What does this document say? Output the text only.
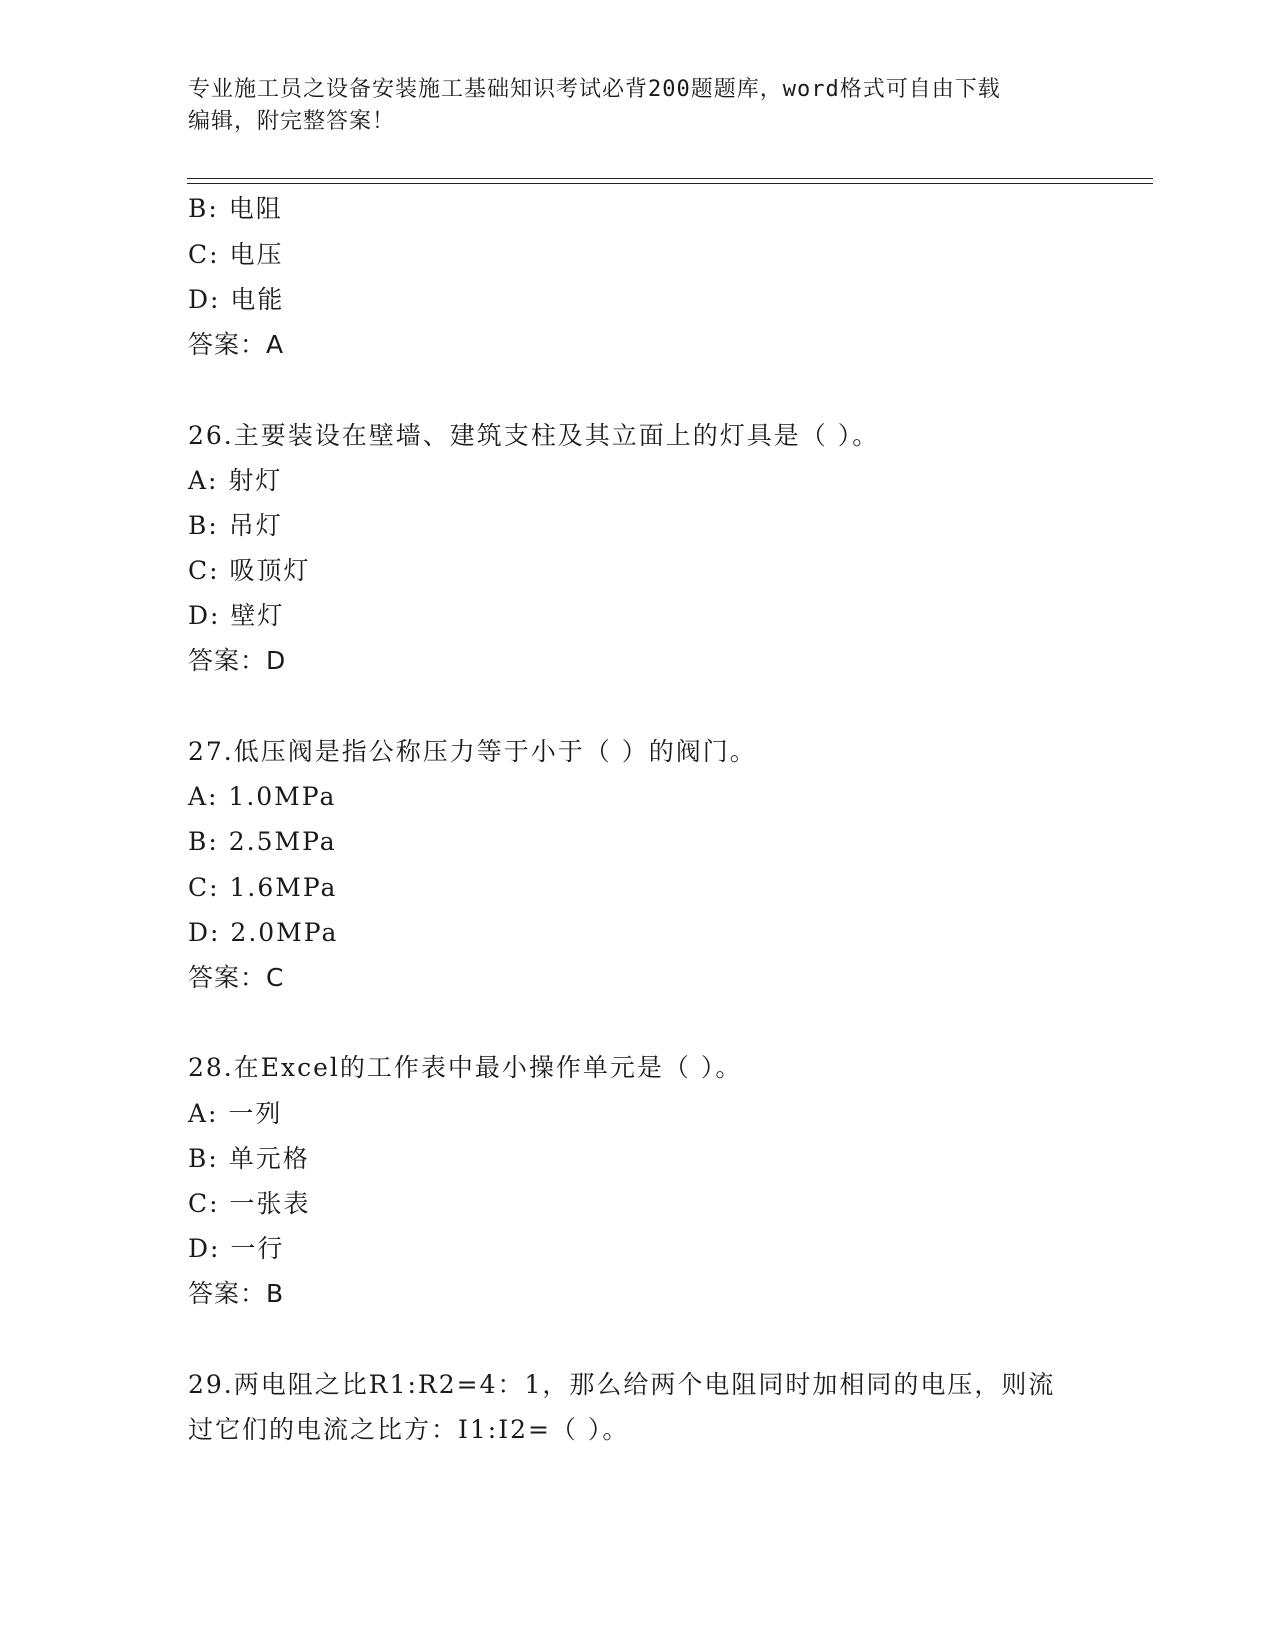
专业施工员之设备安装施工基础知识考试必背200题题库，word格式可自由下载
编辑，附完整答案！
B: 电阻
C: 电压
D: 电能
答案：A
26.主要装设在壁墙、建筑支柱及其立面上的灯具是（ ）。
A: 射灯
B: 吊灯
C: 吸顶灯
D: 壁灯
答案：D
27.低压阀是指公称压力等于小于（ ）的阀门。
A: 1.0MPa
B: 2.5MPa
C: 1.6MPa
D: 2.0MPa
答案：C
28.在Excel的工作表中最小操作单元是（ ）。
A: 一列
B: 单元格
C: 一张表
D: 一行
答案：B
29.两电阻之比R1:R2=4：1，那么给两个电阻同时加相同的电压，则流
过它们的电流之比方：I1:I2=（ ）。
